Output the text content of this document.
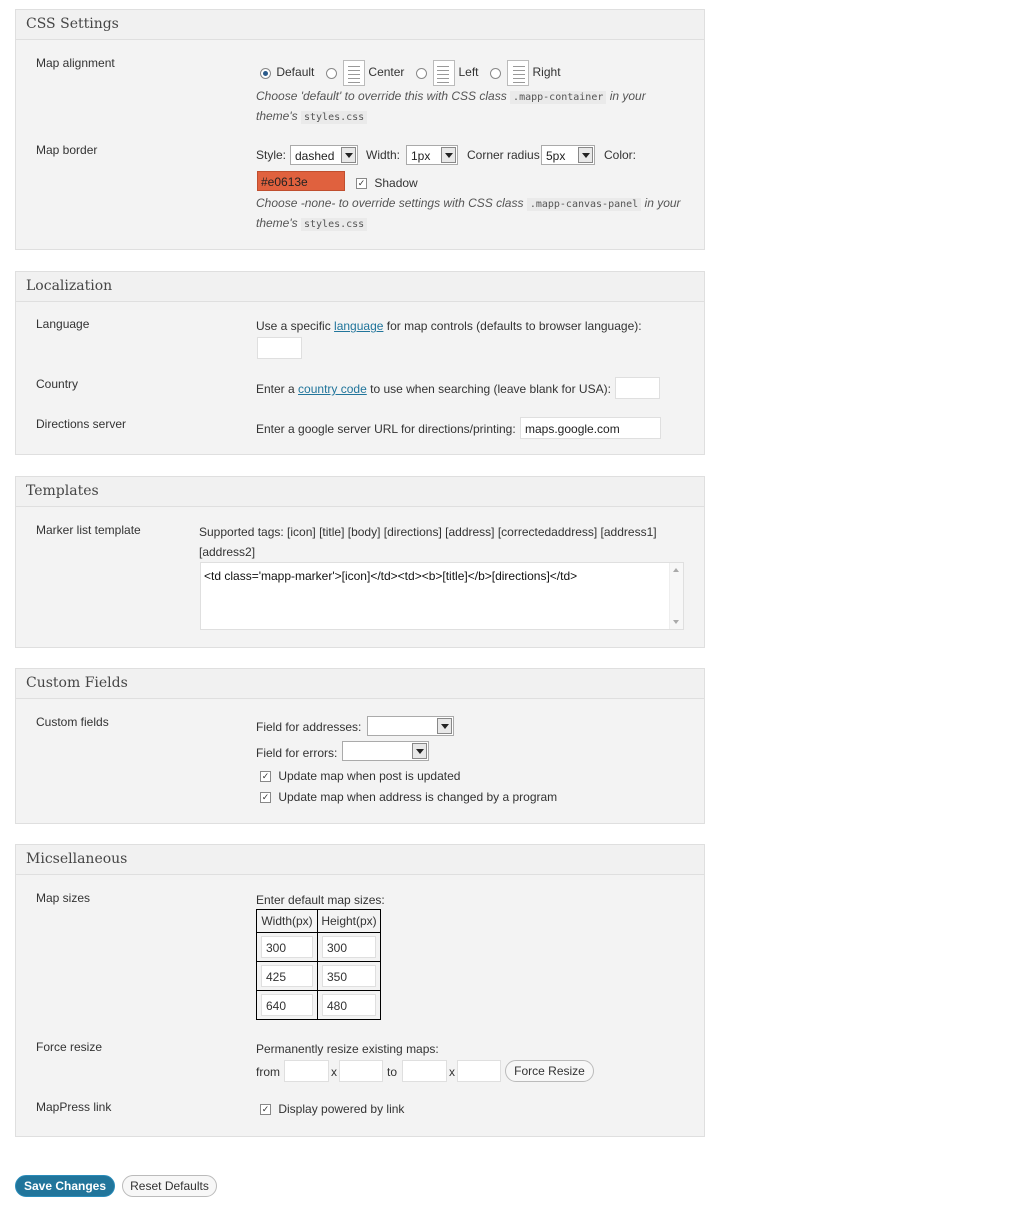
CSS Settings
Map alignment
Default	Center	Left	Right
Choose 'default' to override this with CSS class .mapp-container in your
theme's styles.css
Map border	Style: dashed	Width: 1px	Corner radius 5px	Color:
#e0613e	✓ Shadow
Choose -none- to override settings with CSS class .mapp-canvas-panel in your
theme's styles.css
Localization
Language	Use a specific language for map controls (defaults to browser language):
Country	Enter a country code to use when searching (leave blank for USA):
Directions server	Enter a google server URL for directions/printing: maps.google.com
Templates
Marker list template	Supported tags: [icon] [title] [body] [directions] [address] [correctedaddress] [address1]
[address2]
<td class='mapp-marker'>[icon]</td><td><b>[title]</b>[directions]</td>
Custom Fields
Custom fields	Field for addresses:
Field for errors:
✓ Update map when post is updated
✓ Update map when address is changed by a program
Micsellaneous
Map sizes	Enter default map sizes:
Width(px)	Height(px)

300	300

425	350

640	480
Force resize	Permanently resize existing maps:
from	x	to	x	Force Resize
MapPress link	✓ Display powered by link
Save Changes	Reset Defaults
